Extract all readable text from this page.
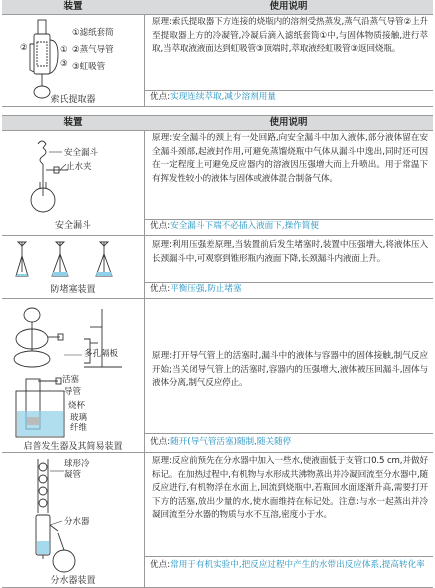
装置	使用说明
②	①
③
①滤纸套筒
②蒸气导管
③虹吸管
索氏提取器
原理:索氏提取器下方连接的烧瓶内的溶剂受热蒸发,蒸气沿蒸气导管②上升至提取器上方的冷凝管,冷凝后滴入滤纸套筒①中,与固体物质接触,进行萃取,当萃取液液面达到虹吸管③顶端时,萃取液经虹吸管③返回烧瓶。
优点:实现连续萃取,减少溶剂用量
装置	使用说明
安全漏斗
止水夹
安全漏斗
原理:安全漏斗的颈上有一处回路,向安全漏斗中加入液体,部分液体留在安全漏斗颈部,起液封作用,可避免蒸馏烧瓶中气体从漏斗中逸出,同时还可因在一定程度上可避免反应器内的溶液因压强增大而上升喷出。用于常温下有挥发性较小的液体与固体或液体混合制备气体。
优点:安全漏斗下端不必插入液面下,操作简便
防堵塞装置
原理:利用压强差原理,当装置前后发生堵塞时,装置中压强增大,将液体压入长颈漏斗中,可观察到锥形瓶内液面下降,长颈漏斗内液面上升。
优点:平衡压强,防止堵塞
多孔隔板
活塞
导管
烧杯
玻璃纤维
启普发生器及其简易装置
原理:打开导气管上的活塞时,漏斗中的液体与容器中的固体接触,制气反应开始;当关闭导气管上的活塞时,容器内的压强增大,液体被压回漏斗,固体与液体分离,制气反应停止。
优点:随开(导气管活塞)随制,随关随停
球形冷凝管
分水器
分水器装置
原理:反应前预先在分水器中加入一些水,使液面低于支管口0.5 cm,并做好标记。在加热过程中,有机物与水形成共沸物蒸出并冷凝回流至分水器中,随反应进行,有机物浮在水面上,回流到烧瓶中,若瓶回水面逐渐升高,需要打开下方的活塞,放出少量的水,使水面维持在标记处。注意:与水一起蒸出并冷凝回流至分水器的物质与水不互溶,密度小于水。
优点:常用于有机实验中,把反应过程中产生的水带出反应体系,提高转化率
